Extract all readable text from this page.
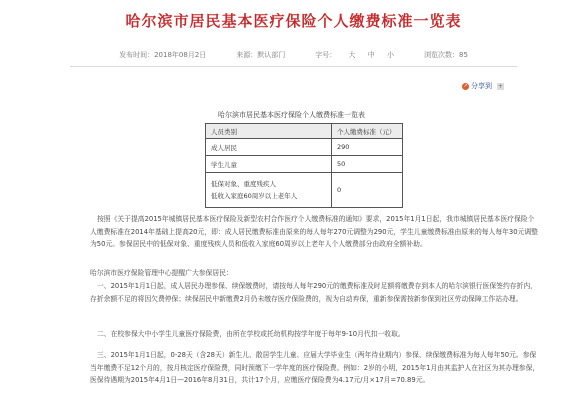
哈尔滨市居民基本医疗保险个人缴费标准一览表
发布时间：2018年08月2日	来源：默认部门	字号： 大 中 小	浏览次数：85
↗ 分享到 +
哈尔滨市居民基本医疗保险个人缴费标准一览表
人员类别	个人缴费标准（元）
成人居民	290
学生儿童	50

低保对象、重度残疾人
低收入家庭60周岁以上老年人	0
按照《关于提高2015年城镇居民基本医疗保险及新型农村合作医疗个人缴费标准的通知》要求，2015年1月1日起，我市城镇居民基本医疗保险个人缴费标准在2014年基础上提高20元，即：成人居民缴费标准由原来的每人每年270元调整为290元，学生儿童缴费标准由原来的每人每年30元调整为50元。参保居民中的低保对象、重度残疾人员和低收入家庭60周岁以上老年人个人缴费部分由政府全额补助。
哈尔滨市医疗保险管理中心提醒广大参保居民：
一、2015年1月1日起，成人居民办理参保、续保缴费时，请按每人每年290元的缴费标准及时足额将缴费存到本人的哈尔滨银行医保签约存折内，存折余额不足的将因欠费停保；续保居民中新缴费2月仍未缴存医疗保险费的，视为自动弃保，重新参保需按新参保到社区劳动保障工作站办理。
二、在校参保大中小学生儿童医疗保险费，由所在学校或托幼机构按学年度于每年9-10月代扣一收取。
三、2015年1月1日起，0-28天（含28天）新生儿、散居学生儿童、应届大学毕业生（两年待业期内）参保、续保缴费标准为每人每年50元。参保当年缴费不足12个月的，按月核定医疗保险费，同时预缴下一学年度的医疗保险费。例如：2岁的小明，2015年1月由其监护人在社区为其办理参保，医保待遇期为2015年4月1日—2016年8月31日，共计17个月，应缴医疗保险费为4.17元/月×17月=70.89元。
